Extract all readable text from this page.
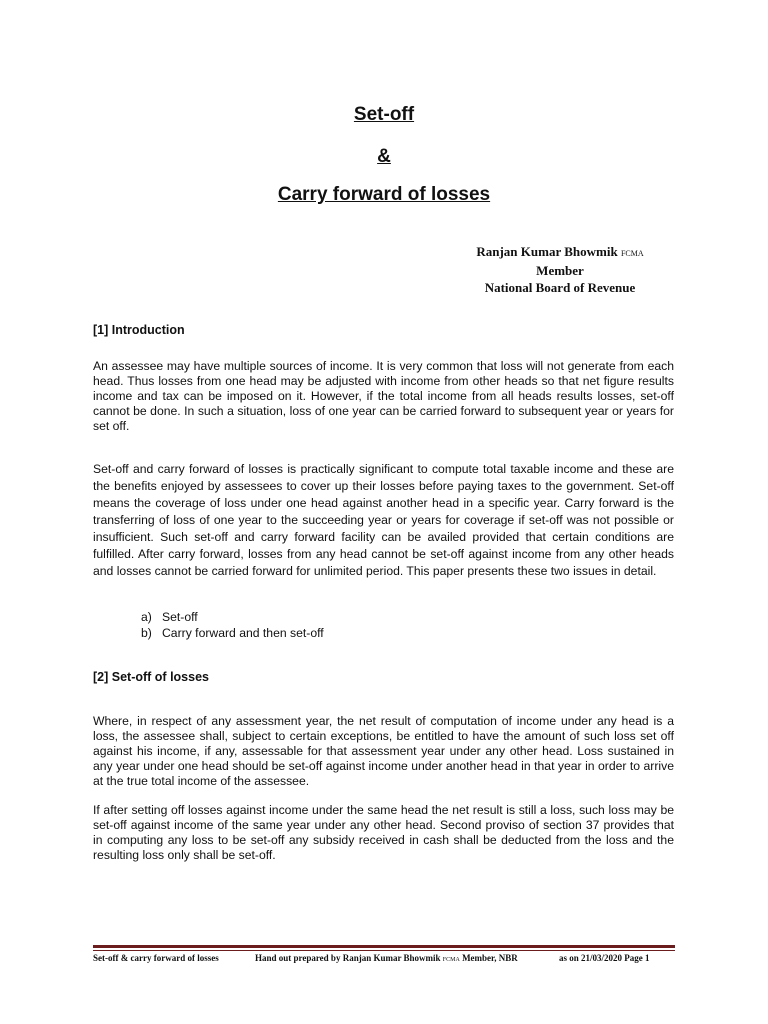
Set-off
&
Carry forward of losses
Ranjan Kumar Bhowmik FCMA
Member
National Board of Revenue
[1] Introduction
An assessee may have multiple sources of income. It is very common that loss will not generate from each head. Thus losses from one head may be adjusted with income from other heads so that net figure results income and tax can be imposed on it. However, if the total income from all heads results losses, set-off cannot be done. In such a situation, loss of one year can be carried forward to subsequent year or years for set off.
Set-off and carry forward of losses is practically significant to compute total taxable income and these are the benefits enjoyed by assessees to cover up their losses before paying taxes to the government. Set-off means the coverage of loss under one head against another head in a specific year. Carry forward is the transferring of loss of one year to the succeeding year or years for coverage if set-off was not possible or insufficient. Such set-off and carry forward facility can be availed provided that certain conditions are fulfilled. After carry forward, losses from any head cannot be set-off against income from any other heads and losses cannot be carried forward for unlimited period. This paper presents these two issues in detail.
a) Set-off
b) Carry forward and then set-off
[2] Set-off of losses
Where, in respect of any assessment year, the net result of computation of income under any head is a loss, the assessee shall, subject to certain exceptions, be entitled to have the amount of such loss set off against his income, if any, assessable for that assessment year under any other head. Loss sustained in any year under one head should be set-off against income under another head in that year in order to arrive at the true total income of the assessee.
If after setting off losses against income under the same head the net result is still a loss, such loss may be set-off against income of the same year under any other head. Second proviso of section 37 provides that in computing any loss to be set-off any subsidy received in cash shall be deducted from the loss and the resulting loss only shall be set-off.
Set-off & carry forward of losses	Hand out prepared by Ranjan Kumar Bhowmik FCMA Member, NBR	as on 21/03/2020 Page 1
